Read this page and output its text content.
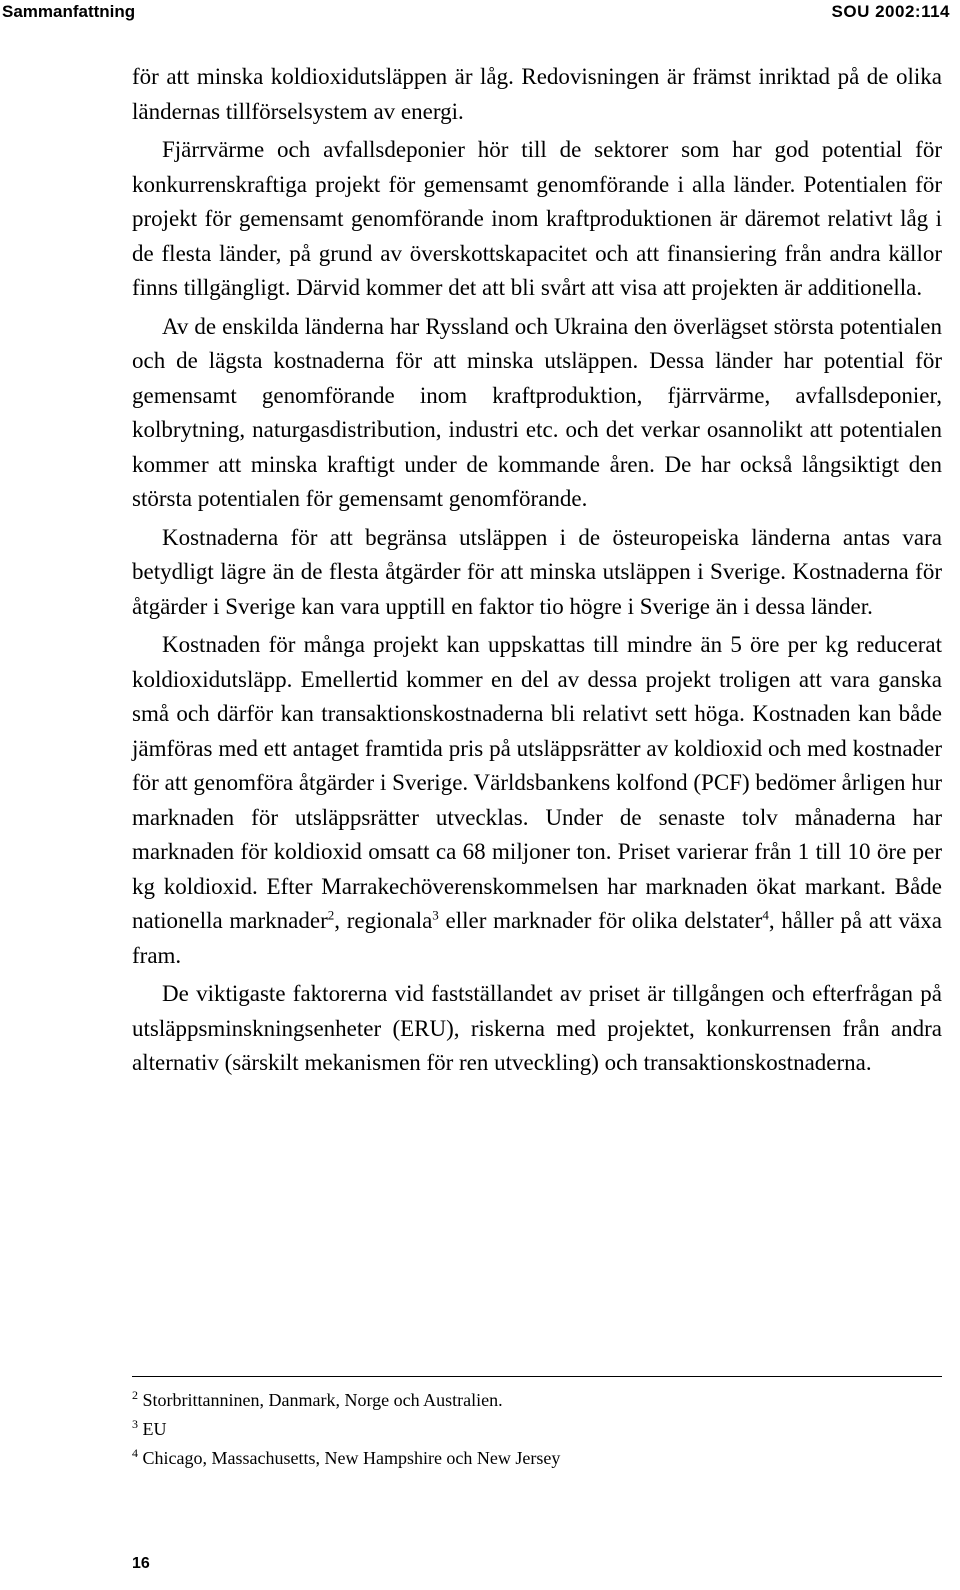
Sammanfattning	SOU 2002:114

för att minska koldioxidutsläppen är låg. Redovisningen är främst inriktad på de olika ländernas tillförselsystem av energi.

Fjärrvärme och avfallsdeponier hör till de sektorer som har god potential för konkurrenskraftiga projekt för gemensamt genomförande i alla länder. Potentialen för projekt för gemensamt genomförande inom kraftproduktionen är däremot relativt låg i de flesta länder, på grund av överskottskapacitet och att finansiering från andra källor finns tillgängligt. Därvid kommer det att bli svårt att visa att projekten är additionella.

Av de enskilda länderna har Ryssland och Ukraina den överlägset största potentialen och de lägsta kostnaderna för att minska utsläppen. Dessa länder har potential för gemensamt genomförande inom kraftproduktion, fjärrvärme, avfallsdeponier, kolbrytning, naturgasdistribution, industri etc. och det verkar osannolikt att potentialen kommer att minska kraftigt under de kommande åren. De har också långsiktigt den största potentialen för gemensamt genomförande.

Kostnaderna för att begränsa utsläppen i de östeuropeiska länderna antas vara betydligt lägre än de flesta åtgärder för att minska utsläppen i Sverige. Kostnaderna för åtgärder i Sverige kan vara upptill en faktor tio högre i Sverige än i dessa länder.

Kostnaden för många projekt kan uppskattas till mindre än 5 öre per kg reducerat koldioxidutsläpp. Emellertid kommer en del av dessa projekt troligen att vara ganska små och därför kan transaktionskostnaderna bli relativt sett höga. Kostnaden kan både jämföras med ett antaget framtida pris på utsläppsrätter av koldioxid och med kostnader för att genomföra åtgärder i Sverige. Världsbankens kolfond (PCF) bedömer årligen hur marknaden för utsläppsrätter utvecklas. Under de senaste tolv månaderna har marknaden för koldioxid omsatt ca 68 miljoner ton. Priset varierar från 1 till 10 öre per kg koldioxid. Efter Marrakechöverenskommelsen har marknaden ökat markant. Både nationella marknader$^2$, regionala$^3$ eller marknader för olika delstater$^4$, håller på att växa fram.

De viktigaste faktorerna vid fastställandet av priset är tillgången och efterfrågan på utsläppsminskningsenheter (ERU), riskerna med projektet, konkurrensen från andra alternativ (särskilt mekanismen för ren utveckling) och transaktionskostnaderna.

$^2$ Storbrittanninen, Danmark, Norge och Australien.
$^3$ EU
$^4$ Chicago, Massachusetts, New Hampshire och New Jersey
16
